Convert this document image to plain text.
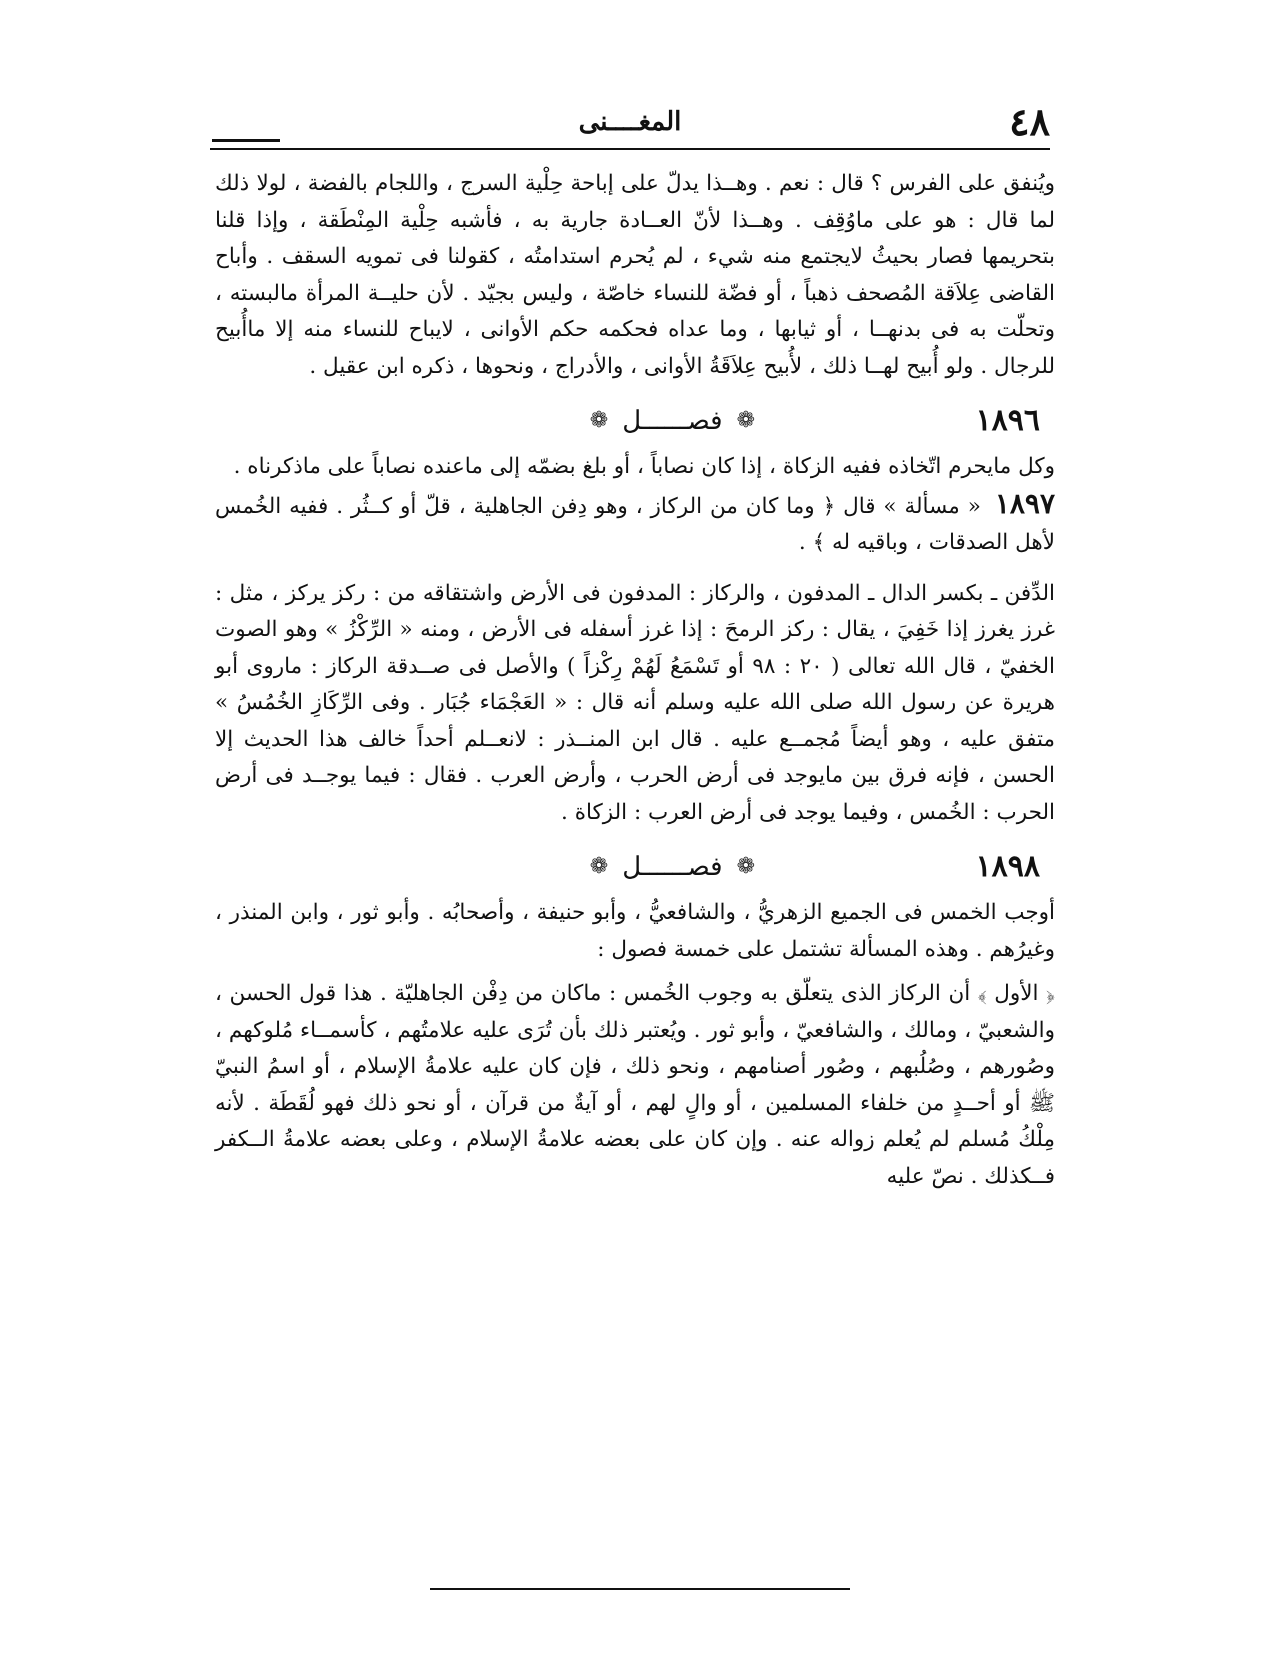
٤٨
المغــــنى

ويُنفق على الفرس ؟ قال : نعم . وهــذا يدلّ على إباحة حِلْية السرج ، واللجام بالفضة ، لولا ذلك لما قال : هو على ماوُقِف . وهــذا لأنّ العــادة جارية به ، فأشبه حِلْية المِنْطَقة ، وإذا قلنا بتحريمها فصار بحيثُ لايجتمع منه شيء ، لم يُحرم استدامتُه ، كقولنا فى تمويه السقف . وأباح القاضى عِلاَقة المُصحف ذهباً ، أو فضّة للنساء خاصّة ، وليس بجيّد . لأن حليــة المرأة مالبسته ، وتحلّت به فى بدنهــا ، أو ثيابها ، وما عداه فحكمه حكم الأوانى ، لايباح للنساء منه إلا ماأُبيح للرجال . ولو أُبيح لهــا ذلك ، لأُبيح عِلاَقَةُ الأوانى ، والأدراج ، ونحوها ، ذكره ابن عقيل .

١٨٩٦
❁
فصــــــل
❁

وكل مايحرم اتّخاذه ففيه الزكاة ، إذا كان نصاباً ، أو بلغ بضمّه إلى ماعنده نصاباً على ماذكرناه .

١٨٩٧« مسألة » قال ﴿ وما كان من الركاز ، وهو دِفن الجاهلية ، قلّ أو كــثُر . ففيه الخُمس لأهل الصدقات ، وباقيه له ﴾ .

الدِّفن ـ بكسر الدال ـ المدفون ، والركاز : المدفون فى الأرض واشتقاقه من : ركز يركز ، مثل : غرز يغرز إذا خَفِيَ ، يقال : ركز الرمحَ : إذا غرز أسفله فى الأرض ، ومنه « الرِّكْزُ » وهو الصوت الخفيّ ، قال الله تعالى ( ٢٠ : ٩٨ أو تَسْمَعُ لَهُمْ رِكْزاً ) والأصل فى صــدقة الركاز : ماروى أبو هريرة عن رسول الله صلى الله عليه وسلم أنه قال : « العَجْمَاء جُبَار . وفى الرِّكَازِ الخُمُسُ » متفق عليه ، وهو أيضاً مُجمــع عليه . قال ابن المنــذر : لانعــلم أحداً خالف هذا الحديث إلا الحسن ، فإنه فرق بين مايوجد فى أرض الحرب ، وأرض العرب . فقال : فيما يوجــد فى أرض الحرب : الخُمس ، وفيما يوجد فى أرض العرب : الزكاة .

١٨٩٨
❁
فصــــــل
❁

أوجب الخمس فى الجميع الزهريُّ ، والشافعيُّ ، وأبو حنيفة ، وأصحابُه . وأبو ثور ، وابن المنذر ، وغيرُهم . وهذه المسألة تشتمل على خمسة فصول :

﴿ الأول ﴾ أن الركاز الذى يتعلّق به وجوب الخُمس : ماكان من دِفْن الجاهليّة . هذا قول الحسن ، والشعبيّ ، ومالك ، والشافعيّ ، وأبو ثور . ويُعتبر ذلك بأن تُرَى عليه علامتُهم ، كأسمــاء مُلوكهم ، وصُورهم ، وصُلُبهم ، وصُور أصنامهم ، ونحو ذلك ، فإن كان عليه علامةُ الإسلام ، أو اسمُ النبيّ ﷺ أو أحــدٍ من خلفاء المسلمين ، أو والٍ لهم ، أو آيةٌ من قرآن ، أو نحو ذلك فهو لُقَطَة . لأنه مِلْكُ مُسلم لم يُعلم زواله عنه . وإن كان على بعضه علامةُ الإسلام ، وعلى بعضه علامةُ الــكفر فــكذلك . نصّ عليه
